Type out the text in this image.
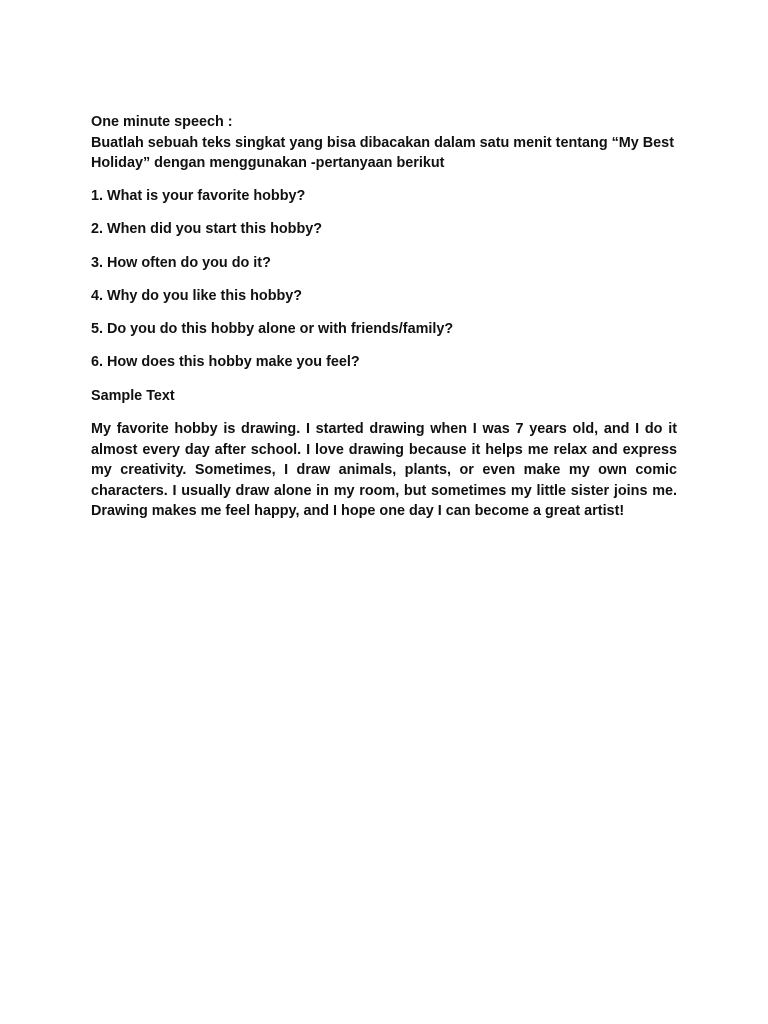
One minute speech :

Buatlah sebuah teks singkat yang bisa dibacakan dalam satu menit tentang “My Best Holiday” dengan menggunakan -pertanyaan berikut

1. What is your favorite hobby?

2. When did you start this hobby?

3. How often do you do it?

4. Why do you like this hobby?

5. Do you do this hobby alone or with friends/family?

6. How does this hobby make you feel?

Sample Text

My favorite hobby is drawing. I started drawing when I was 7 years old, and I do it almost every day after school. I love drawing because it helps me relax and express my creativity. Sometimes, I draw animals, plants, or even make my own comic characters. I usually draw alone in my room, but sometimes my little sister joins me. Drawing makes me feel happy, and I hope one day I can become a great artist!
